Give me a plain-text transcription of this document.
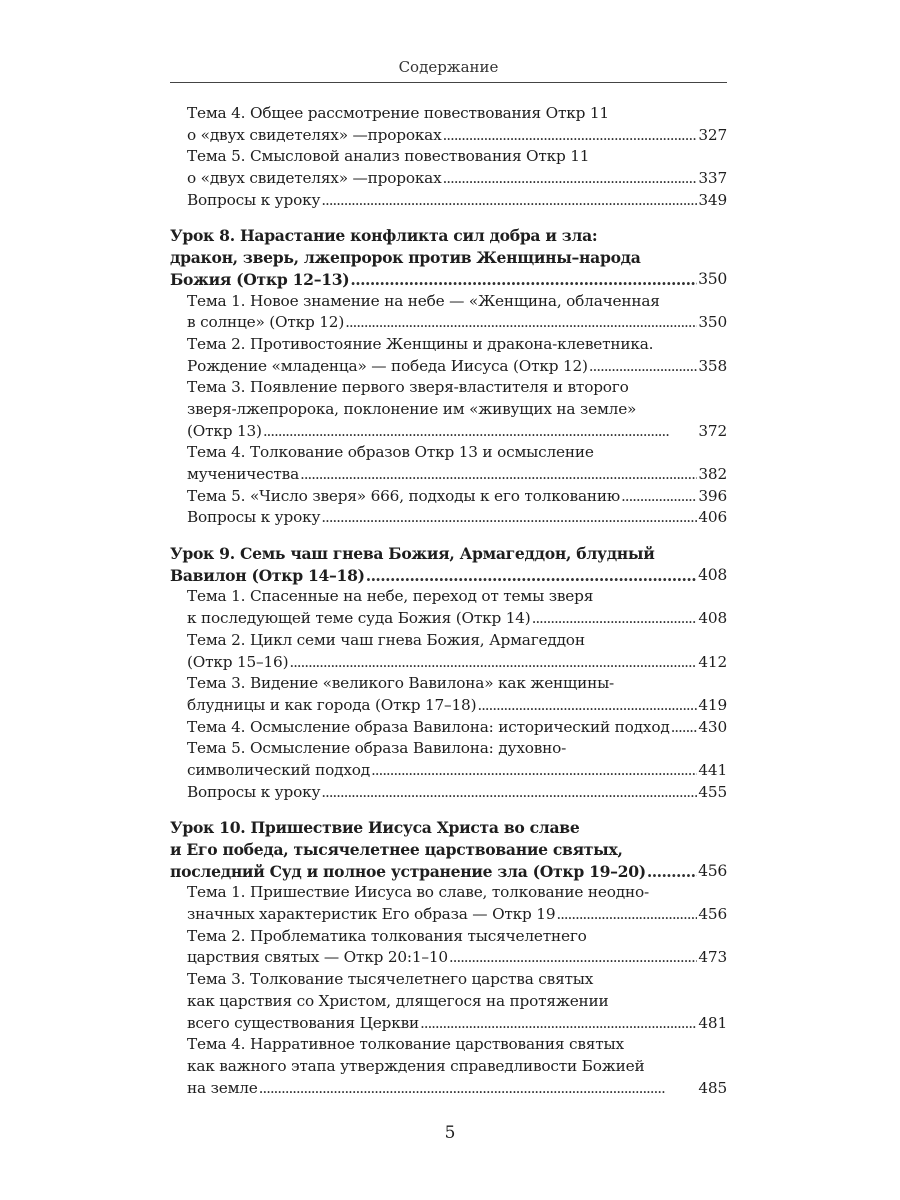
Содержание
Тема 4. Общее рассмотрение повествования Откр 11
о «двух свидетелях» —пророках . . .	327
Тема 5. Смысловой анализ повествования Откр 11
о «двух свидетелях» —пророках . . .	337
Вопросы к уроку . . .	349
Урок 8. Нарастание конфликта сил добра и зла:
дракон, зверь, лжепророк против Женщины–народа
Божия (Откр 12–13) . . .	350
Тема 1. Новое знамение на небе — «Женщина, облаченная
в солнце» (Откр 12) . . .	350
Тема 2. Противостояние Женщины и дракона-клеветника.
Рождение «младенца» — победа Иисуса (Откр 12) . . .	358
Тема 3. Появление первого зверя-властителя и второго
зверя-лжепророка, поклонение им «живущих на земле»
(Откр 13) . . .	372
Тема 4. Толкование образов Откр 13 и осмысление
мученичества . . .	382
Тема 5. «Число зверя» 666, подходы к его толкованию . . .	396
Вопросы к уроку . . .	406
Урок 9. Семь чаш гнева Божия, Армагеддон, блудный
Вавилон (Откр 14–18) . . .	408
Тема 1. Спасенные на небе, переход от темы зверя
к последующей теме суда Божия (Откр 14) . . .	408
Тема 2. Цикл семи чаш гнева Божия, Армагеддон
(Откр 15–16) . . .	412
Тема 3. Видение «великого Вавилона» как женщины-
блудницы и как города (Откр 17–18) . . .	419
Тема 4. Осмысление образа Вавилона: исторический подход . . . 430
Тема 5. Осмысление образа Вавилона: духовно-
символический подход . . .	441
Вопросы к уроку . . .	455
Урок 10. Пришествие Иисуса Христа во славе
и Его победа, тысячелетнее царствование святых,
последний Суд и полное устранение зла (Откр 19–20) . . .	456
Тема 1. Пришествие Иисуса во славе, толкование неодно-
значных характеристик Его образа — Откр 19 . . .	456
Тема 2. Проблематика толкования тысячелетнего
царствия святых — Откр 20:1–10 . . .	473
Тема 3. Толкование тысячелетнего царства святых
как царствия со Христом, длящегося на протяжении
всего существования Церкви . . .	481
Тема 4. Нарративное толкование царствования святых
как важного этапа утверждения справедливости Божией
на земле . . .	485
5
